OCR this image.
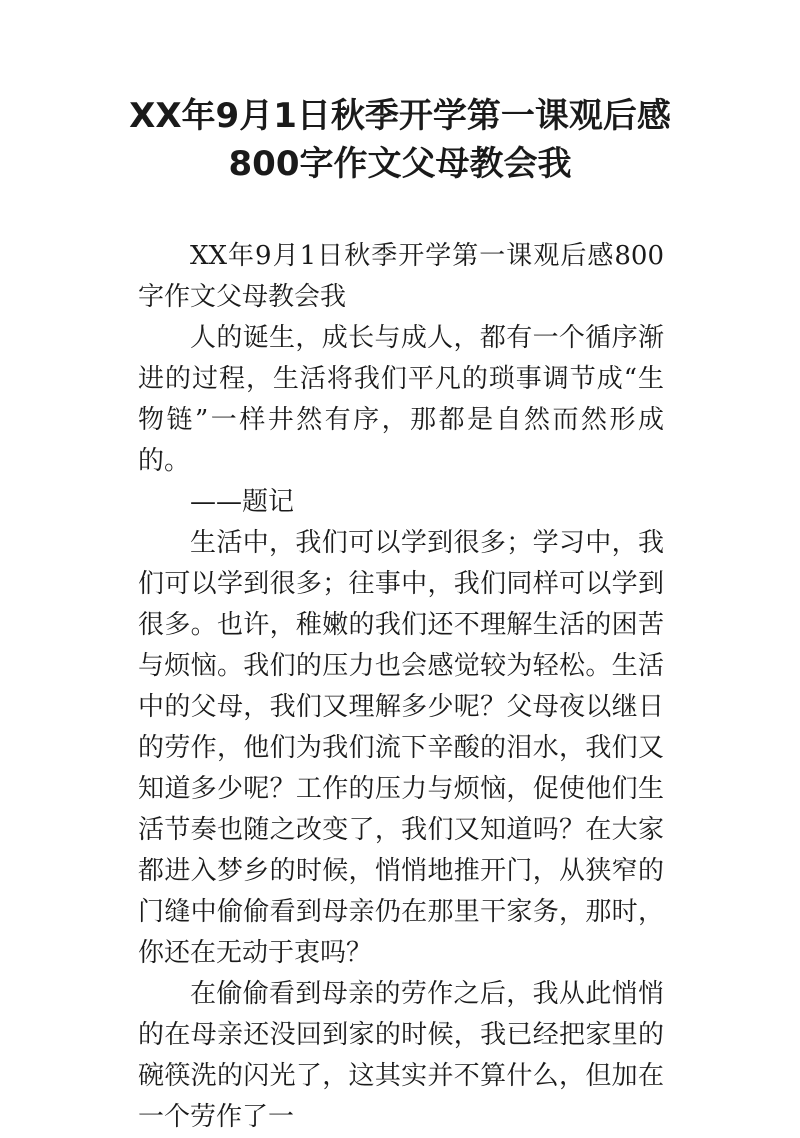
XX年9月1日秋季开学第一课观后感
800字作文父母教会我

XX年9月1日秋季开学第一课观后感800字作文父母教会我

人的诞生，成长与成人，都有一个循序渐进的过程，生活将我们平凡的琐事调节成“生物链”一样井然有序，那都是自然而然形成的。

——题记

生活中，我们可以学到很多；学习中，我们可以学到很多；往事中，我们同样可以学到很多。也许，稚嫩的我们还不理解生活的困苦与烦恼。我们的压力也会感觉较为轻松。生活中的父母，我们又理解多少呢？父母夜以继日的劳作，他们为我们流下辛酸的泪水，我们又知道多少呢？工作的压力与烦恼，促使他们生活节奏也随之改变了，我们又知道吗？在大家都进入梦乡的时候，悄悄地推开门，从狭窄的门缝中偷偷看到母亲仍在那里干家务，那时，你还在无动于衷吗？

在偷偷看到母亲的劳作之后，我从此悄悄的在母亲还没回到家的时候，我已经把家里的碗筷洗的闪光了，这其实并不算什么，但加在一个劳作了一
